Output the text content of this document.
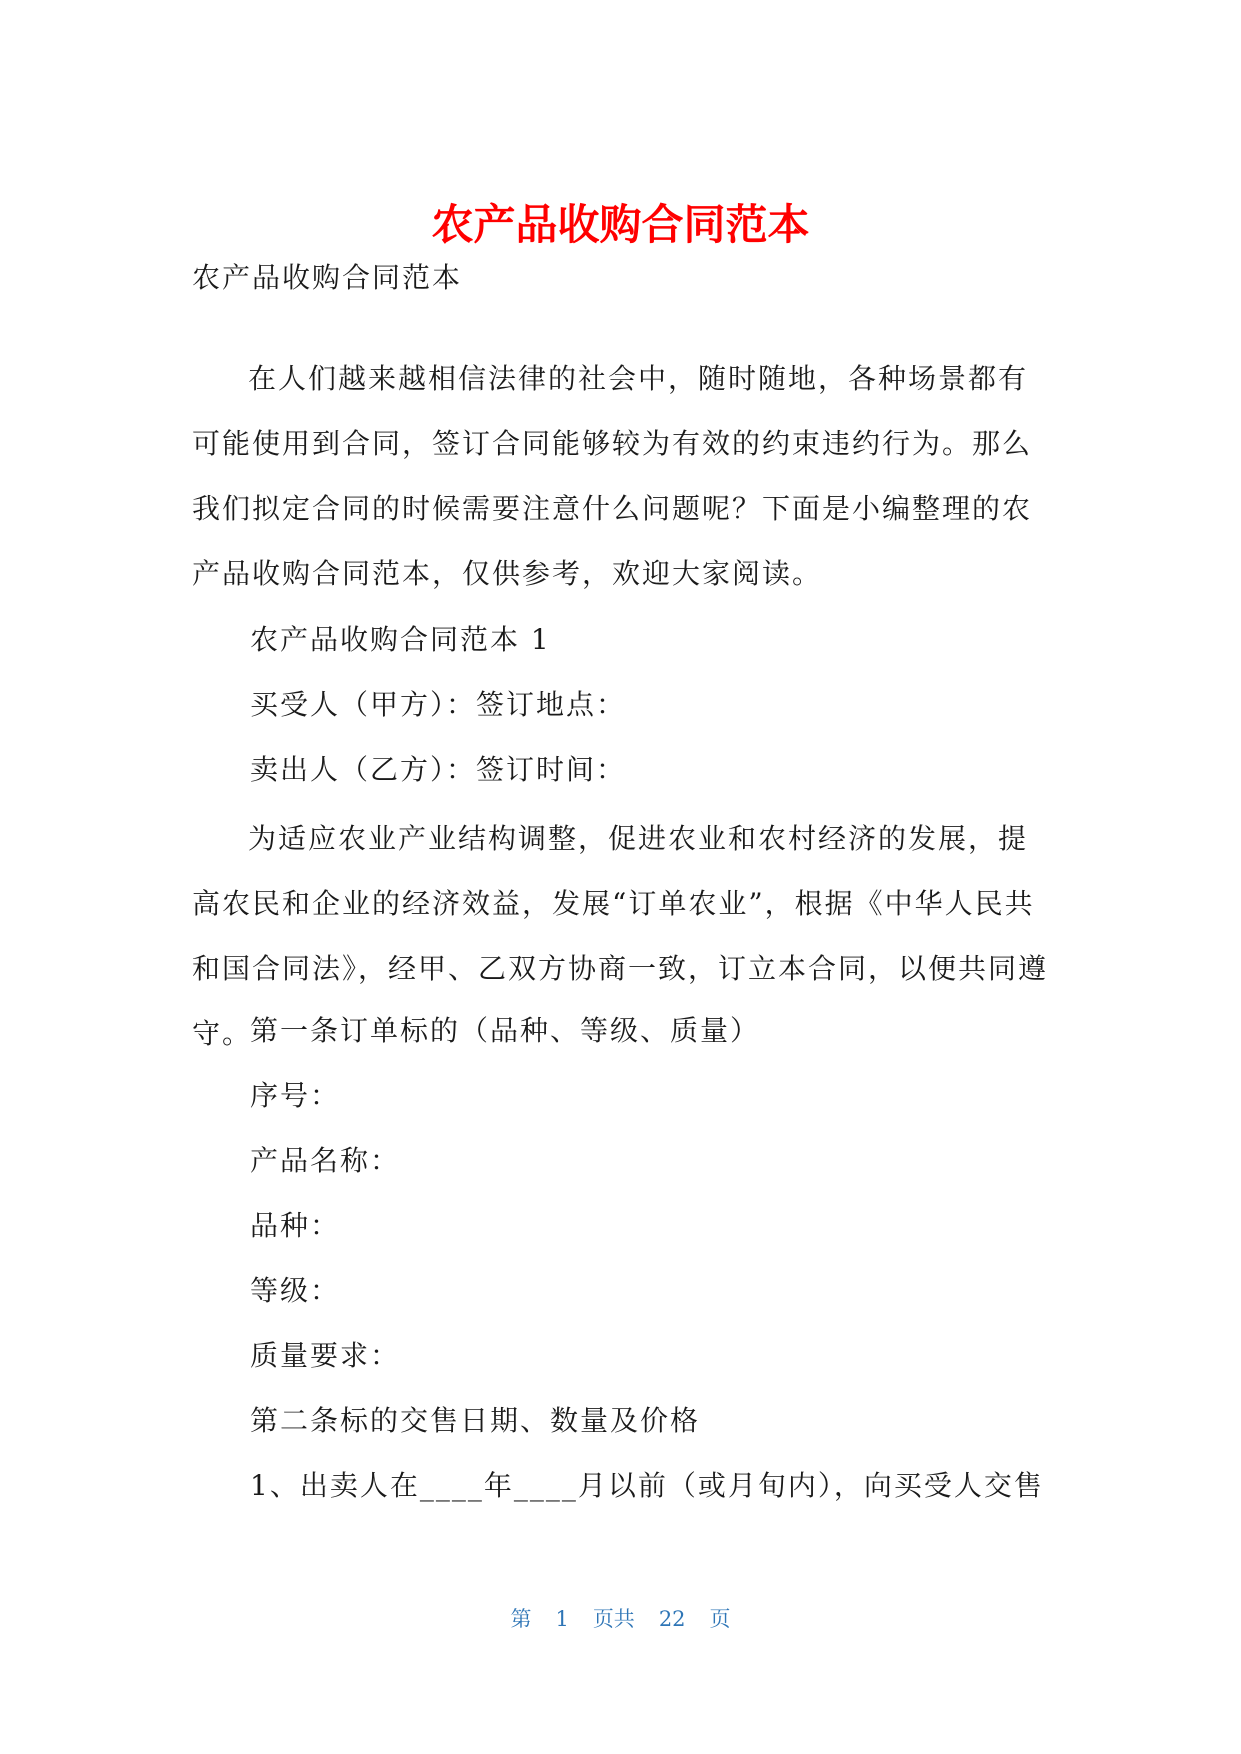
农产品收购合同范本

农产品收购合同范本

在人们越来越相信法律的社会中，随时随地，各种场景都有可能使用到合同，签订合同能够较为有效的约束违约行为。那么我们拟定合同的时候需要注意什么问题呢？下面是小编整理的农产品收购合同范本，仅供参考，欢迎大家阅读。

农产品收购合同范本 1

买受人（甲方）：签订地点：

卖出人（乙方）：签订时间：

为适应农业产业结构调整，促进农业和农村经济的发展，提高农民和企业的经济效益，发展“订单农业”，根据《中华人民共和国合同法》，经甲、乙双方协商一致，订立本合同，以便共同遵守。

第一条订单标的（品种、等级、质量）

序号：

产品名称：

品种：

等级：

质量要求：

第二条标的交售日期、数量及价格

1、出卖人在____年____月以前（或月旬内），向买受人交售

第 1 页共 22 页
